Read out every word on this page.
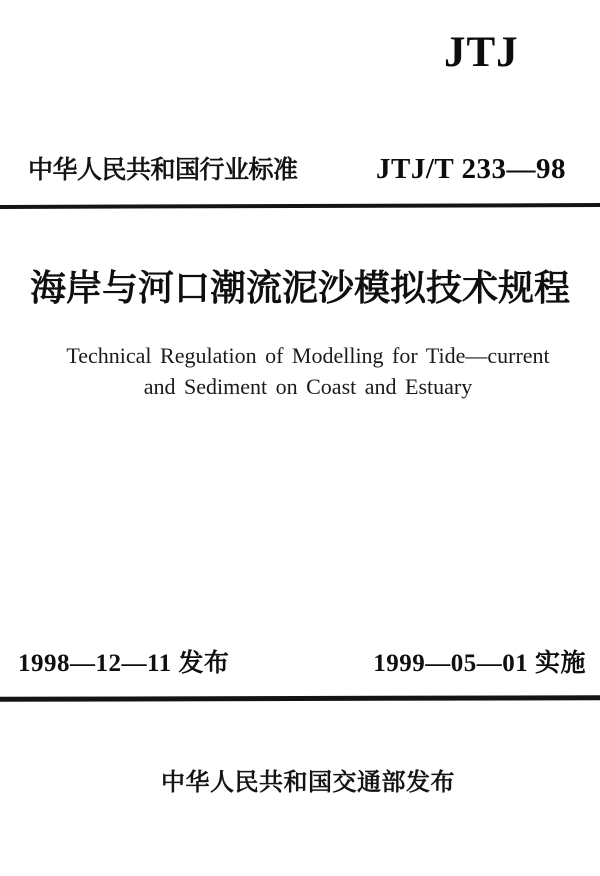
JTJ
中华人民共和国行业标准	JTJ/T 233—98
海岸与河口潮流泥沙模拟技术规程
Technical Regulation of Modelling for Tide—current
and Sediment on Coast and Estuary
1998—12—11 发布	1999—05—01 实施
中华人民共和国交通部发布
